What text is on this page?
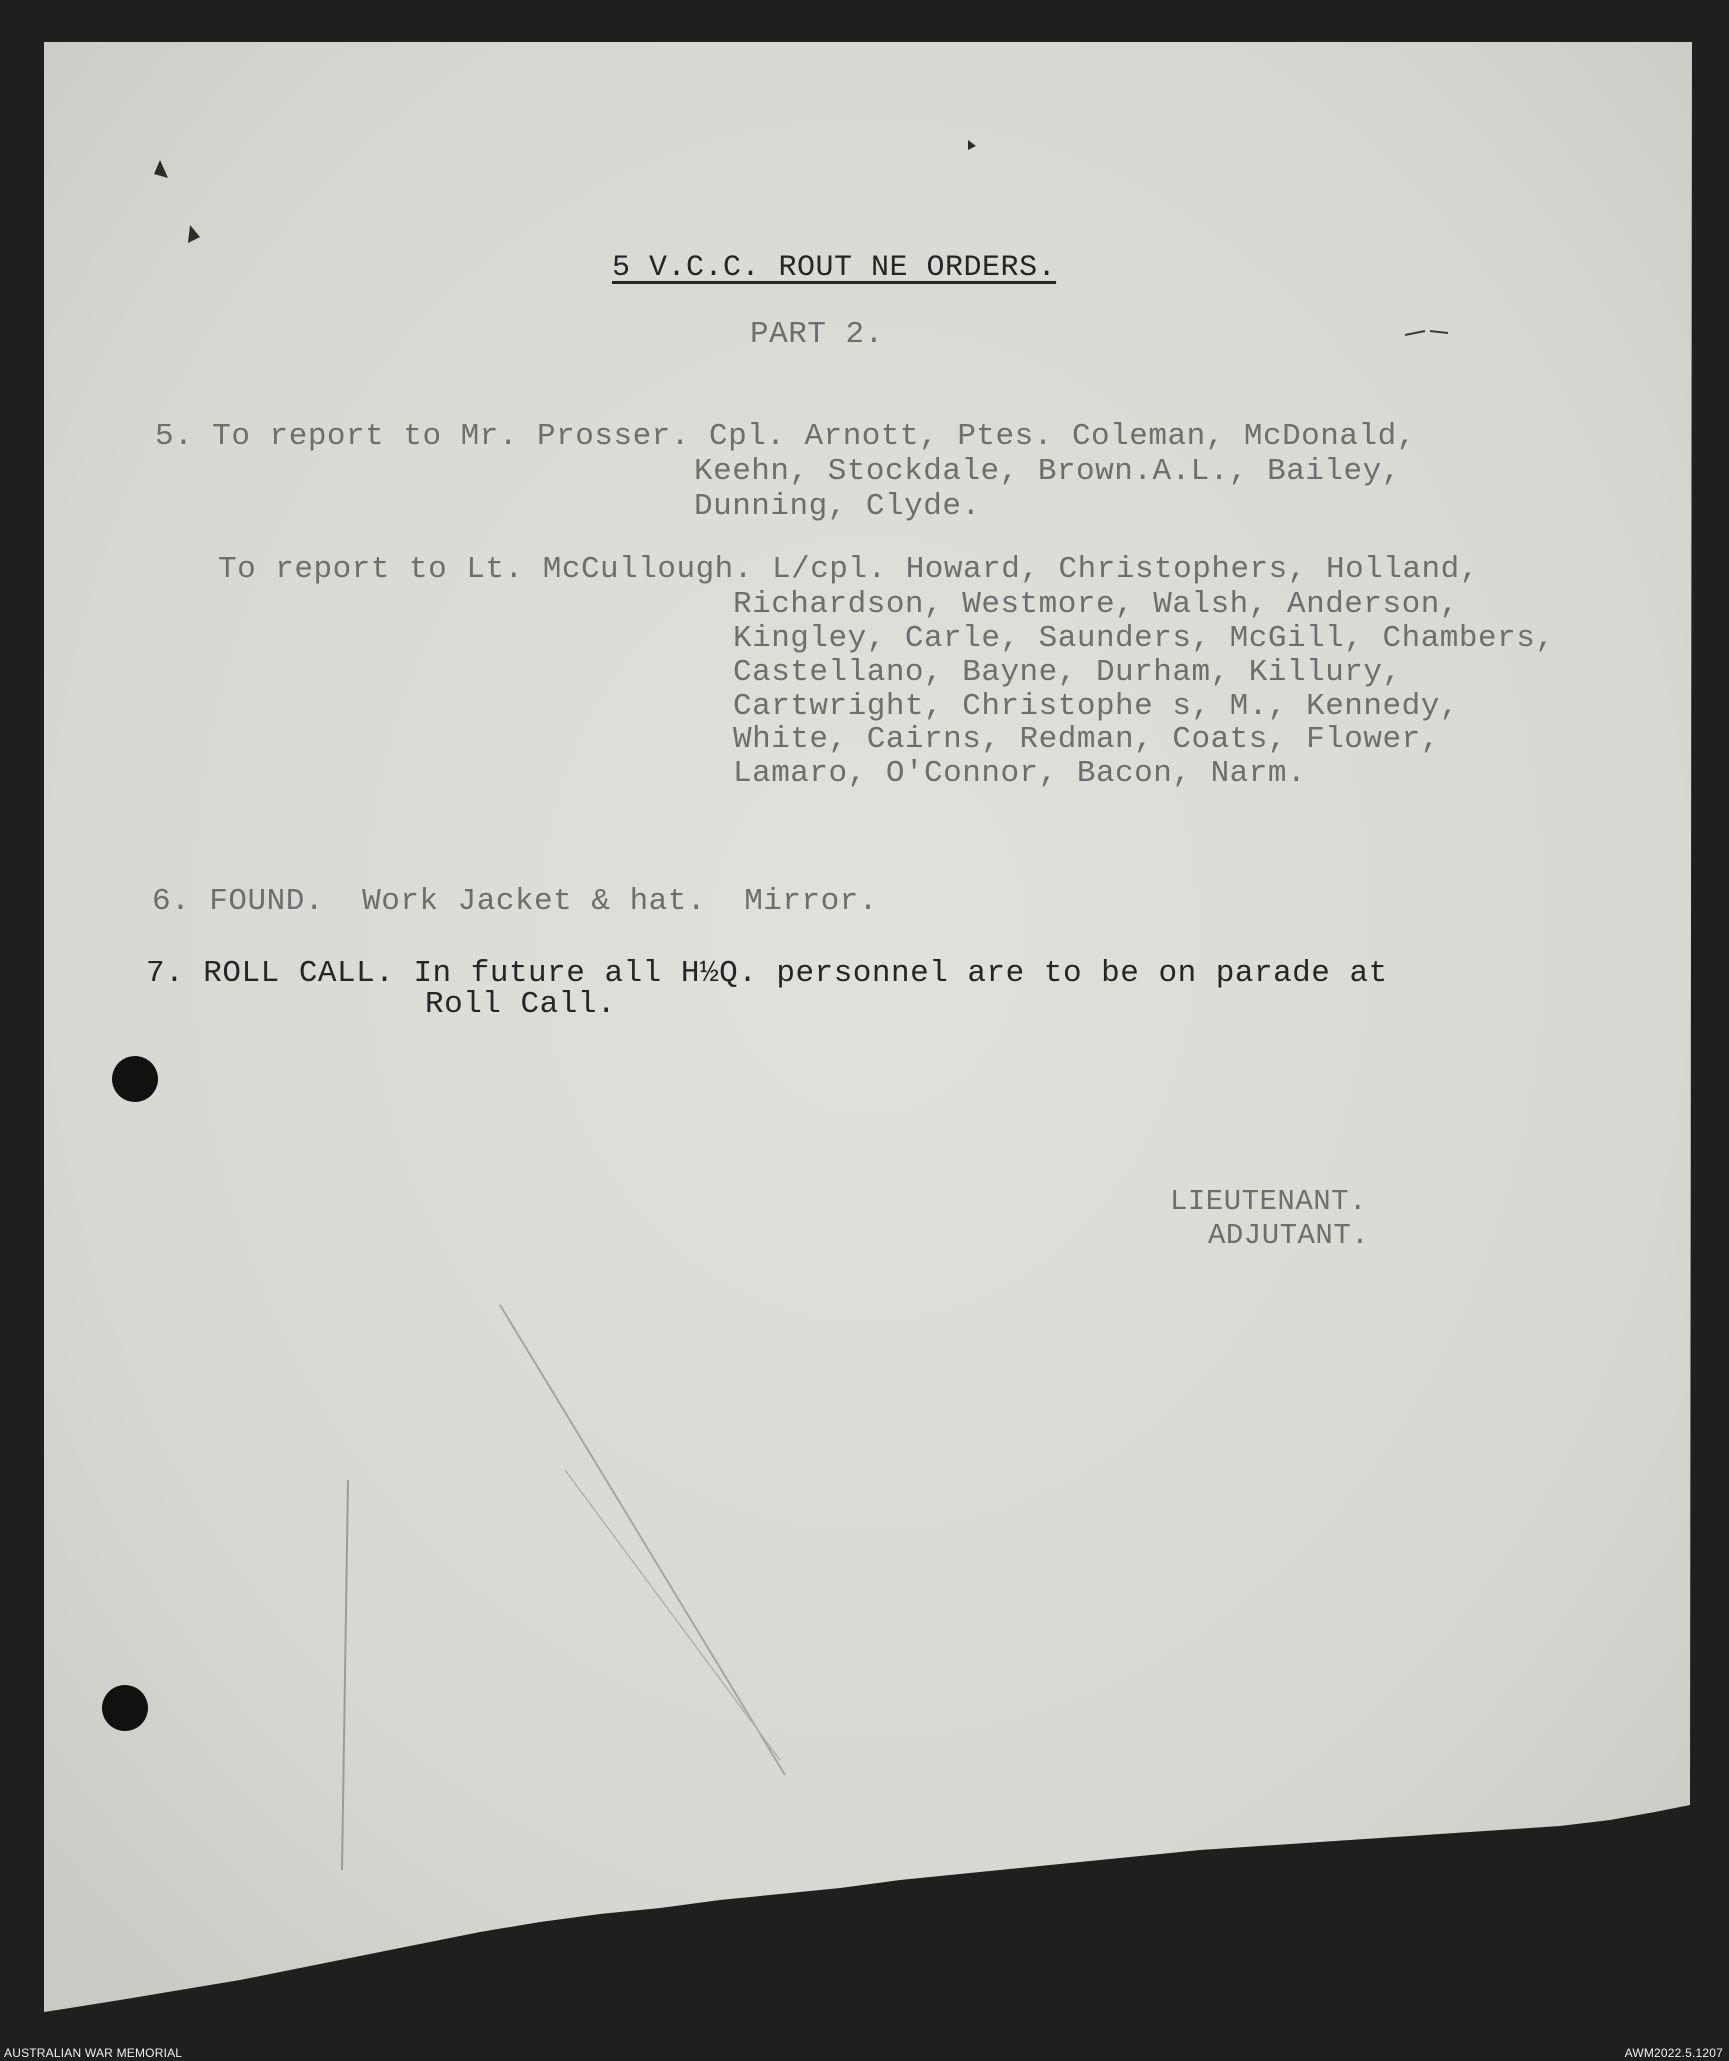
5 V.C.C. ROUT NE ORDERS.
PART 2.
5. To report to Mr. Prosser. Cpl. Arnott, Ptes. Coleman, McDonald,
Keehn, Stockdale, Brown.A.L., Bailey,
Dunning, Clyde.
To report to Lt. McCullough. L/cpl. Howard, Christophers, Holland,
Richardson, Westmore, Walsh, Anderson,
Kingley, Carle, Saunders, McGill, Chambers,
Castellano, Bayne, Durham, Killury,
Cartwright, Christophe s, M., Kennedy,
White, Cairns, Redman, Coats, Flower,
Lamaro, O'Connor, Bacon, Narm.
6. FOUND.  Work Jacket & hat.  Mirror.
7. ROLL CALL. In future all H½Q. personnel are to be on parade at
Roll Call.
LIEUTENANT.
ADJUTANT.
AUSTRALIAN WAR MEMORIAL	AWM2022.5.1207
